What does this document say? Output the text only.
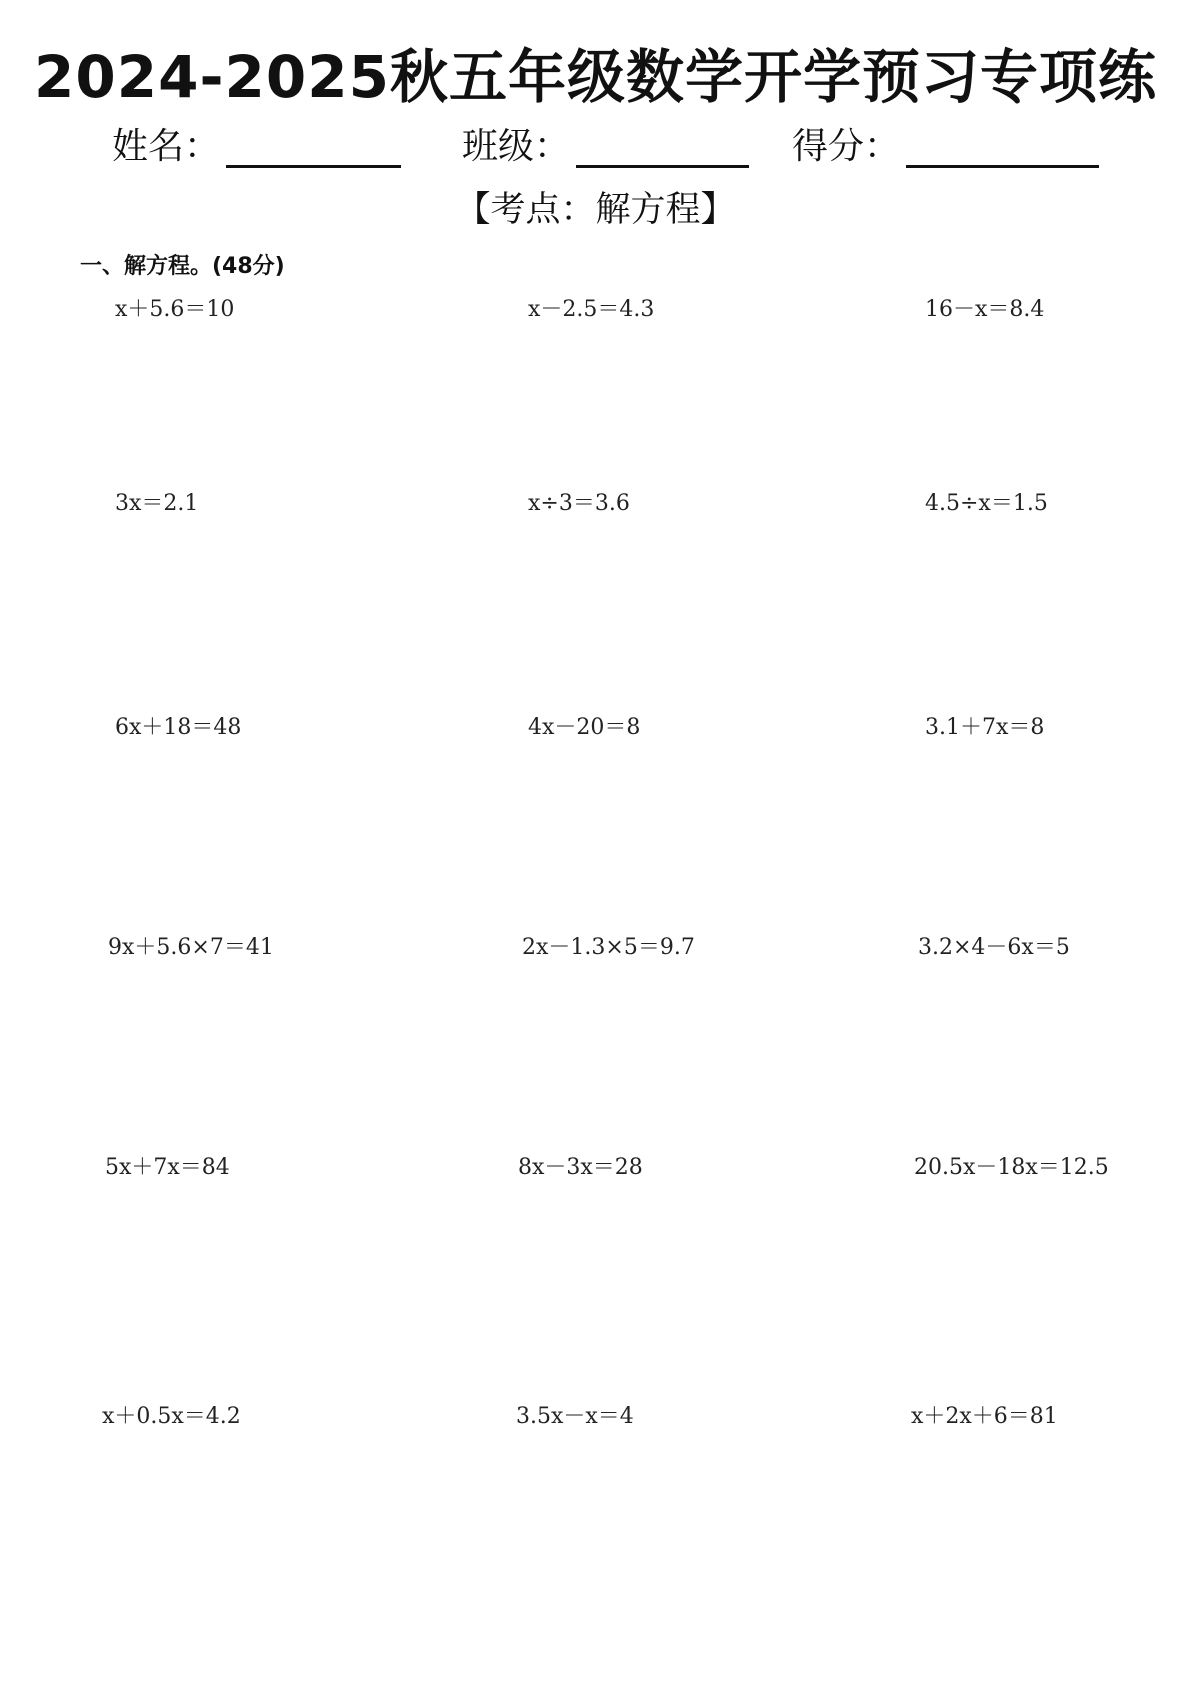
2024-2025秋五年级数学开学预习专项练
姓名：	班级：	得分：
【考点：解方程】
一、解方程。(48分)
x＋5.6＝10	x－2.5＝4.3	16－x＝8.4
3x＝2.1	x÷3＝3.6	4.5÷x＝1.5
6x＋18＝48	4x－20＝8	3.1＋7x＝8
9x＋5.6×7＝41	2x－1.3×5＝9.7	3.2×4－6x＝5
5x＋7x＝84	8x－3x＝28	20.5x－18x＝12.5
x＋0.5x＝4.2	3.5x－x＝4	x＋2x＋6＝81
